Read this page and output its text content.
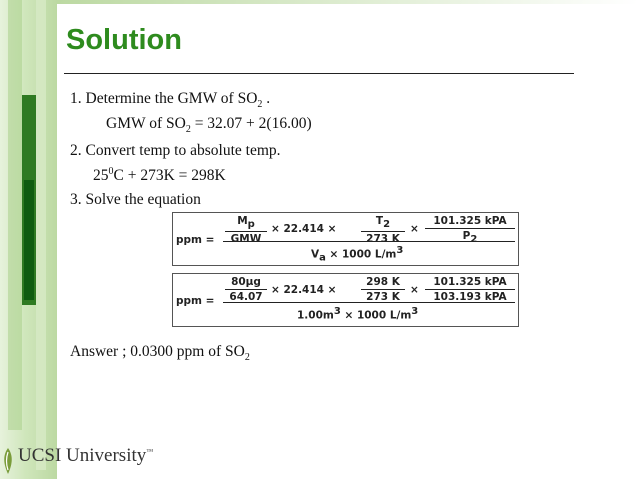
Solution
1. Determine the GMW of $SO_2$ .
GMW of $SO_2 = 32.07 + 2(16.00)$
2. Convert temp to absolute temp.
$25^0C + 273K = 298K$
3. Solve the equation
ppm =
$M_p$
GMW
× $22.414 \times \frac{T_2}{273 K}$ ×
101.325 kPA
$P_2$
$V_a \times 1000$ $L/m^3$
ppm = $\frac{80\mu g}{64.07} \times 22.414 \times \frac{298 K}{273 K}$ ×
101.325 kPA
103.193 kPA
$1.00m^3 \times 1000$ $L/m^3$
Answer ; 0.0300 ppm of $SO_2$
UCSI University™
